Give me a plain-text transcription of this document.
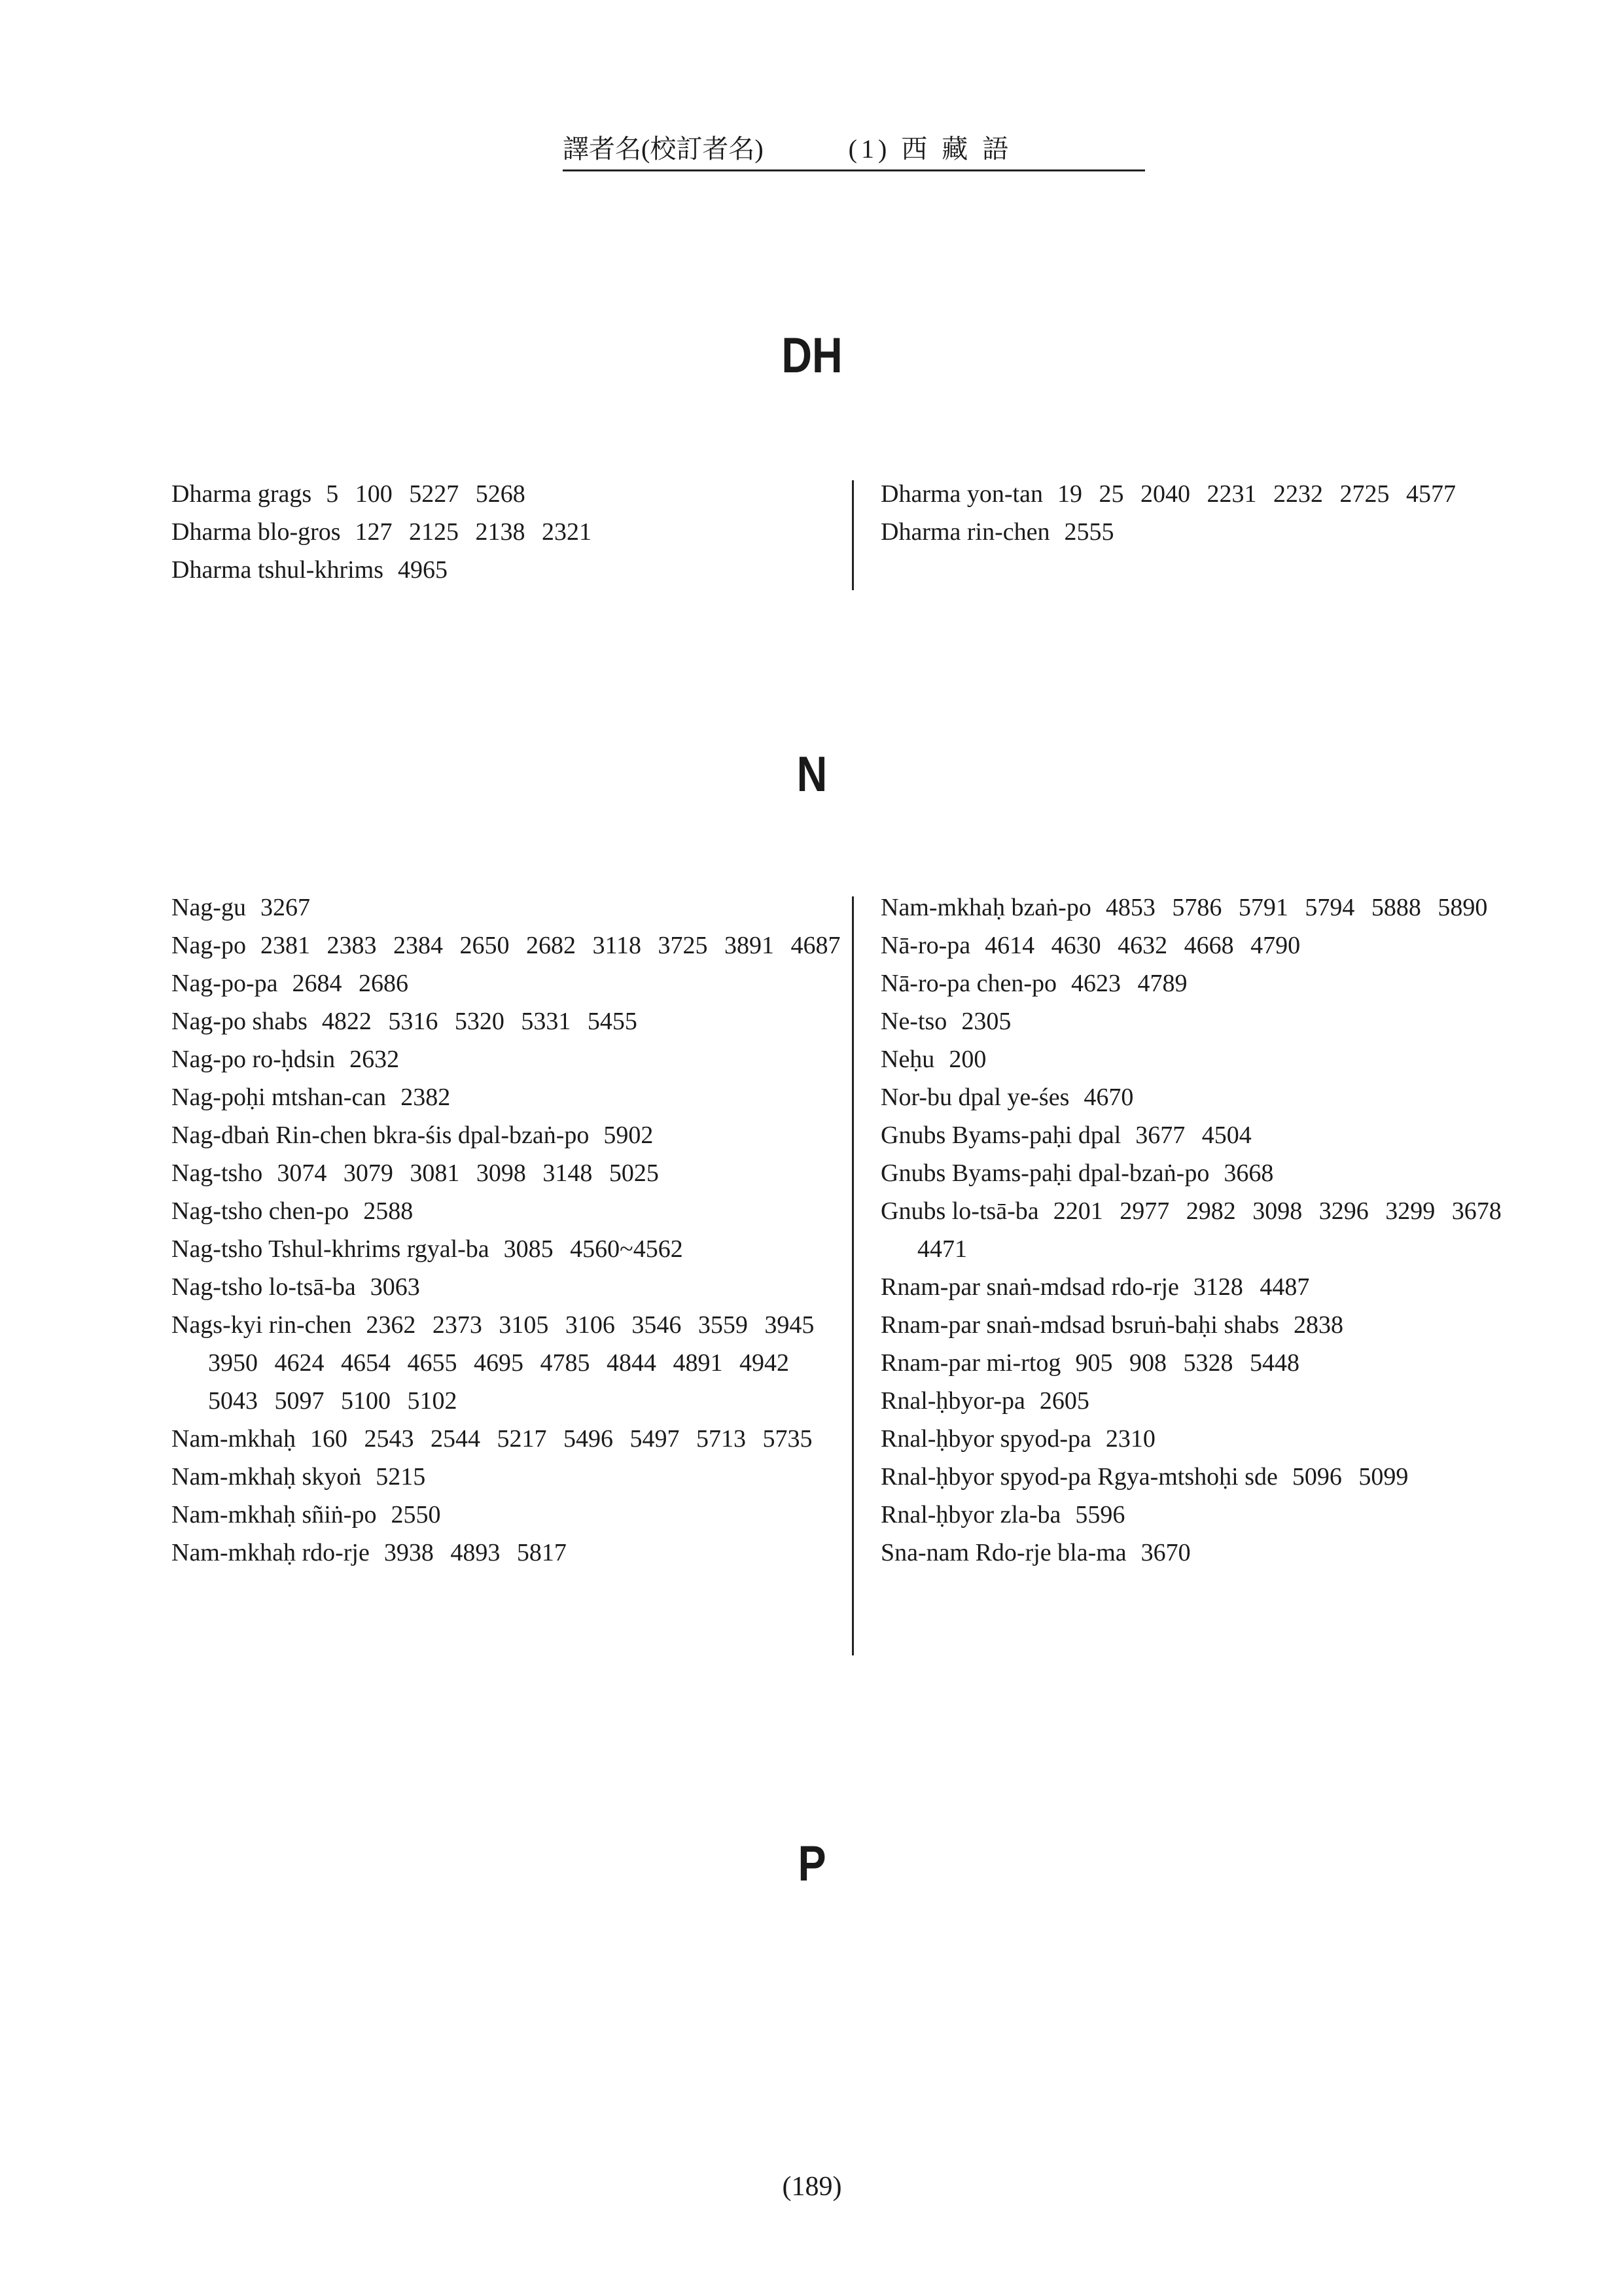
譯者名(校訂者名)	(1) 西 藏 語
DH
Dharma grags 5 100 5227 5268
Dharma blo-gros 127 2125 2138 2321
Dharma tshul-khrims 4965
Dharma yon-tan 19 25 2040 2231 2232 2725 4577
Dharma rin-chen 2555
N
Nag-gu 3267
Nag-po 2381 2383 2384 2650 2682 3118 3725 3891 4687
Nag-po-pa 2684 2686
Nag-po shabs 4822 5316 5320 5331 5455
Nag-po ro-ḥdsin 2632
Nag-poḥi mtshan-can 2382
Nag-dbaṅ Rin-chen bkra-śis dpal-bzaṅ-po 5902
Nag-tsho 3074 3079 3081 3098 3148 5025
Nag-tsho chen-po 2588
Nag-tsho Tshul-khrims rgyal-ba 3085 4560~4562
Nag-tsho lo-tsā-ba 3063
Nags-kyi rin-chen 2362 2373 3105 3106 3546 3559 3945 3950 4624 4654 4655 4695 4785 4844 4891 4942 5043 5097 5100 5102
Nam-mkhaḥ 160 2543 2544 5217 5496 5497 5713 5735
Nam-mkhaḥ skyoṅ 5215
Nam-mkhaḥ sñiṅ-po 2550
Nam-mkhaḥ rdo-rje 3938 4893 5817
Nam-mkhaḥ bzaṅ-po 4853 5786 5791 5794 5888 5890
Nā-ro-pa 4614 4630 4632 4668 4790
Nā-ro-pa chen-po 4623 4789
Ne-tso 2305
Neḥu 200
Nor-bu dpal ye-śes 4670
Gnubs Byams-paḥi dpal 3677 4504
Gnubs Byams-paḥi dpal-bzaṅ-po 3668
Gnubs lo-tsā-ba 2201 2977 2982 3098 3296 3299 3678 4471
Rnam-par snaṅ-mdsad rdo-rje 3128 4487
Rnam-par snaṅ-mdsad bsruṅ-baḥi shabs 2838
Rnam-par mi-rtog 905 908 5328 5448
Rnal-ḥbyor-pa 2605
Rnal-ḥbyor spyod-pa 2310
Rnal-ḥbyor spyod-pa Rgya-mtshoḥi sde 5096 5099
Rnal-ḥbyor zla-ba 5596
Sna-nam Rdo-rje bla-ma 3670
P
(189)
